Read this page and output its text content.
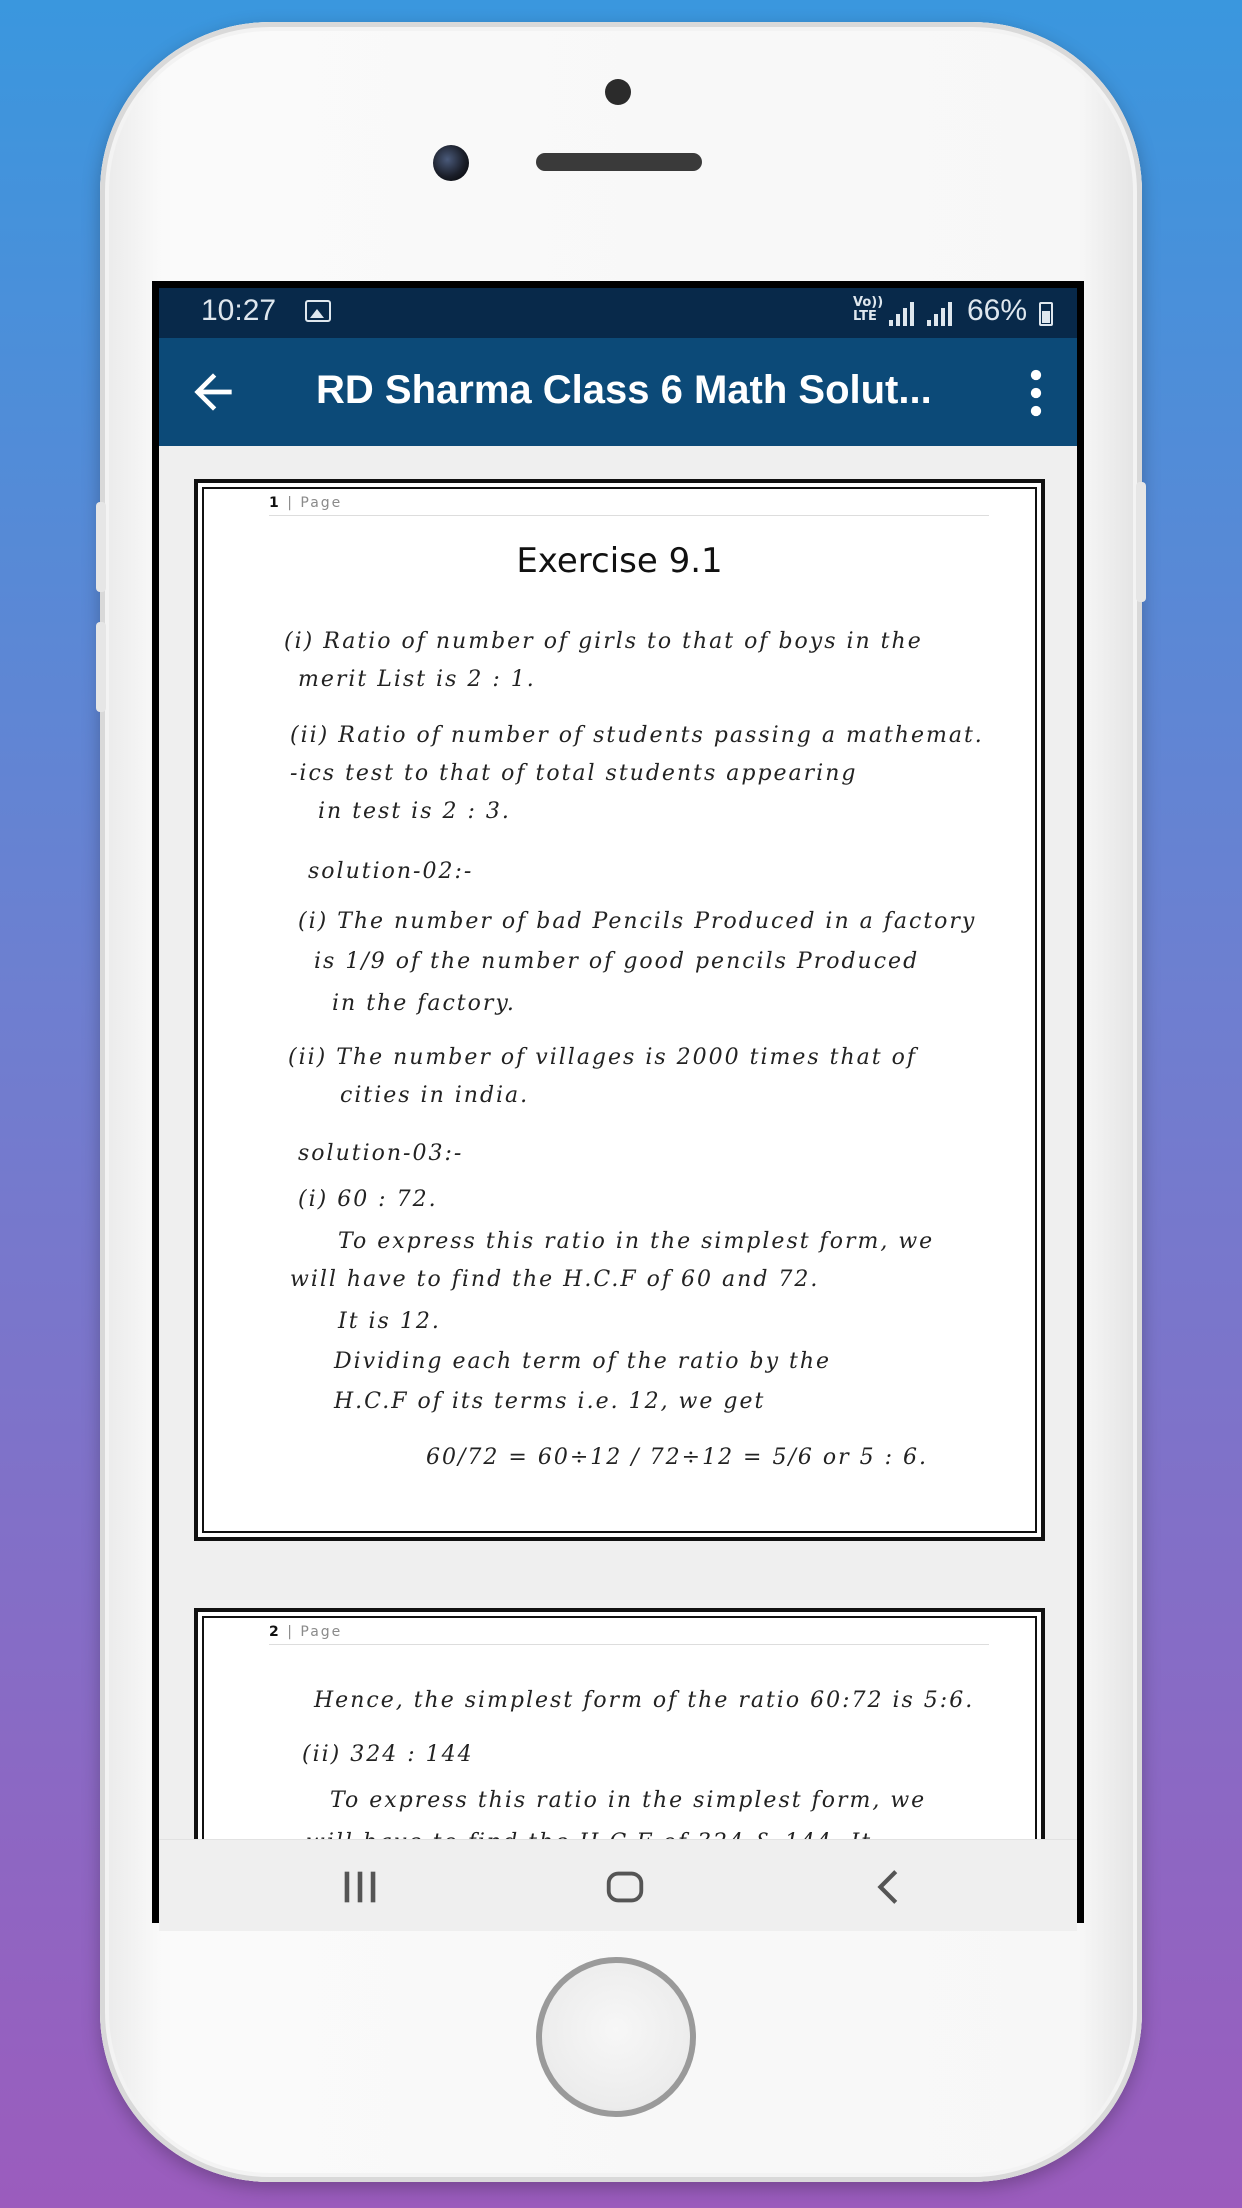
10:27	Vo))
LTE	66%
RD Sharma Class 6 Math Solut...
1 | Page
Exercise 9.1
(i) Ratio of number of girls to that of boys in the
merit List is 2 : 1.
(ii) Ratio of number of students passing a mathemat.
-ics test to that of total students appearing
in test is 2 : 3.
solution-02:-
(i) The number of bad Pencils Produced in a factory
is 1/9 of the number of good pencils Produced
in the factory.
(ii) The number of villages is 2000 times that of
cities in india.
solution-03:-
(i) 60 : 72.
To express this ratio in the simplest form, we
will have to find the H.C.F of 60 and 72.
It is 12.
Dividing each term of the ratio by the
H.C.F of its terms i.e. 12, we get
60/72 = 60÷12 / 72÷12 = 5/6 or 5 : 6.
2 | Page
Hence, the simplest form of the ratio 60:72 is 5:6.
(ii) 324 : 144
To express this ratio in the simplest form, we
